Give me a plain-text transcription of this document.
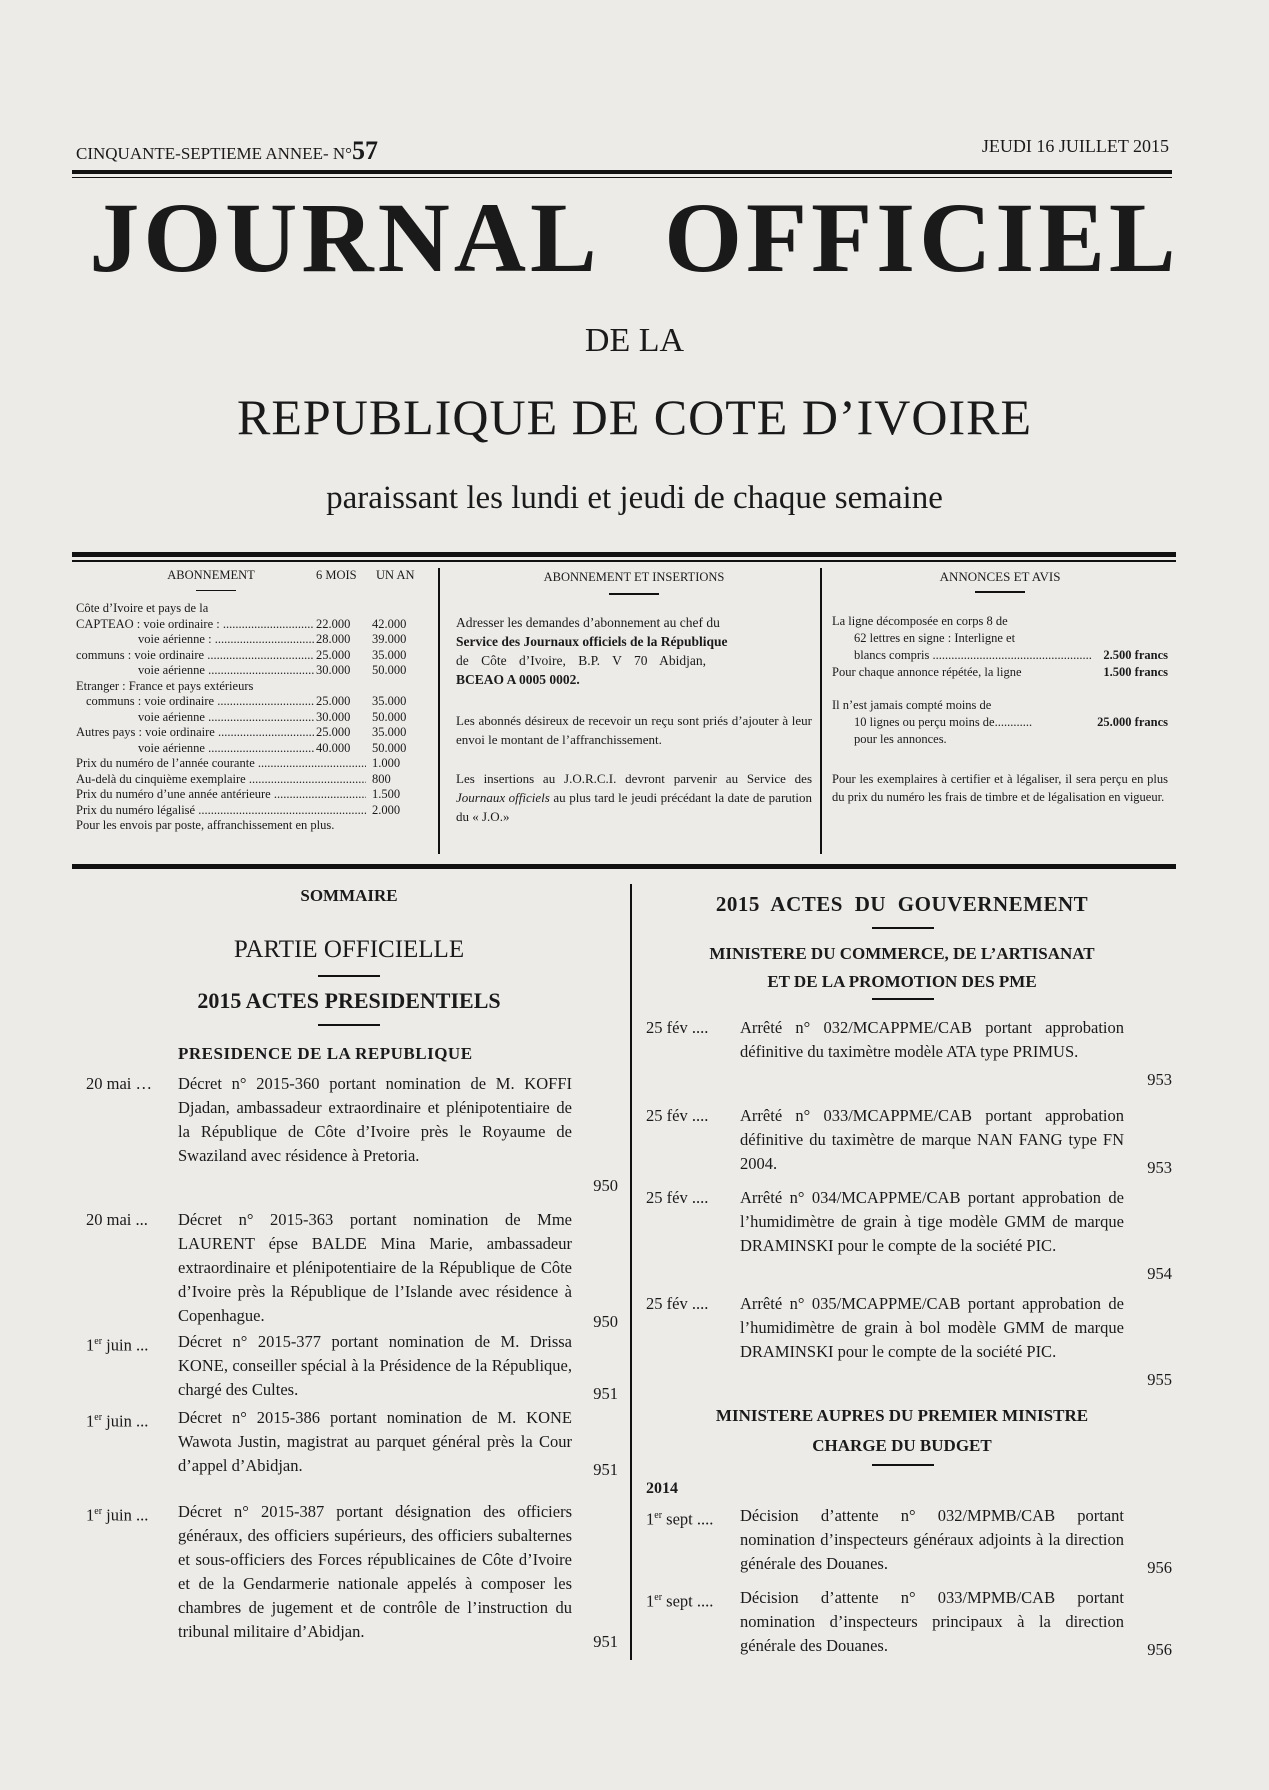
CINQUANTE-SEPTIEME ANNEE- N°57	JEUDI 16 JUILLET 2015
JOURNAL OFFICIEL
DE LA
REPUBLIQUE DE COTE D’IVOIRE
paraissant les lundi et jeudi de chaque semaine
ABONNEMENT	6 MOIS	UN AN
Côte d’Ivoire et pays de la
CAPTEAO : voie ordinaire : .....	22.000	42.000
voie aérienne : .....	28.000	39.000
communs : voie ordinaire .....	25.000	35.000
voie aérienne .....	30.000	50.000
Etranger : France et pays extérieurs
communs : voie ordinaire .....	25.000	35.000
voie aérienne .....	30.000	50.000
Autres pays : voie ordinaire .....	25.000	35.000
voie aérienne .....	40.000	50.000
Prix du numéro de l’année courante .....	1.000
Au-delà du cinquième exemplaire .....	800
Prix du numéro d’une année antérieure .....	1.500
Prix du numéro légalisé .....	2.000
Pour les envois par poste, affranchissement en plus.
ABONNEMENT ET INSERTIONS
Adresser les demandes d’abonnement au chef du
Service des Journaux officiels de la République
de Côte d’Ivoire, B.P. V 70 Abidjan,
BCEAO A 0005 0002.
Les abonnés désireux de recevoir un reçu sont priés d’ajouter à leur envoi le montant de l’affranchissement.
Les insertions au J.O.R.C.I. devront parvenir au Service des Journaux officiels au plus tard le jeudi précédant la date de parution du « J.O.»
ANNONCES ET AVIS
La ligne décomposée en corps 8 de
62 lettres en signe : Interligne et
blancs compris ................................................... 2.500 francs
Pour chaque annonce répétée, la ligne	1.500 francs
Il n’est jamais compté moins de
10 lignes ou perçu moins de............	25.000 francs
pour les annonces.
Pour les exemplaires à certifier et à légaliser, il sera perçu en plus du prix du numéro les frais de timbre et de légalisation en vigueur.
SOMMAIRE
PARTIE OFFICIELLE
2015 ACTES PRESIDENTIELS
PRESIDENCE DE LA REPUBLIQUE
20 mai … Décret n° 2015-360 portant nomination de M. KOFFI Djadan, ambassadeur extraordinaire et plénipotentiaire de la République de Côte d’Ivoire près le Royaume de Swaziland avec résidence à Pretoria.
950
20 mai ... Décret n° 2015-363 portant nomination de Mme LAURENT épse BALDE Mina Marie, ambassadeur extraordinaire et plénipotentiaire de la République de Côte d’Ivoire près la République de l’Islande avec résidence à Copenhague.	950
1er juin ... Décret n° 2015-377 portant nomination de M. Drissa KONE, conseiller spécial à la Présidence de la République, chargé des Cultes.	951
1er juin ... Décret n° 2015-386 portant nomination de M. KONE Wawota Justin, magistrat au parquet général près la Cour d’appel d’Abidjan.	951
1er juin ... Décret n° 2015-387 portant désignation des officiers généraux, des officiers supérieurs, des officiers subalternes et sous-officiers des Forces républicaines de Côte d’Ivoire et de la Gendarmerie nationale appelés à composer les chambres de jugement et de contrôle de l’instruction du tribunal militaire d’Abidjan.
951
2015 ACTES DU GOUVERNEMENT
MINISTERE DU COMMERCE, DE L’ARTISANAT
ET DE LA PROMOTION DES PME
25 fév .... Arrêté n° 032/MCAPPME/CAB portant approbation définitive du taximètre modèle ATA type PRIMUS.
953
25 fév .... Arrêté n° 033/MCAPPME/CAB portant approbation définitive du taximètre de marque NAN FANG type FN 2004.	953
25 fév .... Arrêté n° 034/MCAPPME/CAB portant approbation de l’humidimètre de grain à tige modèle GMM de marque DRAMINSKI pour le compte de la société PIC.
954
25 fév .... Arrêté n° 035/MCAPPME/CAB portant approbation de l’humidimètre de grain à bol modèle GMM de marque DRAMINSKI pour le compte de la société PIC.
955
MINISTERE AUPRES DU PREMIER MINISTRE
CHARGE DU BUDGET
2014
1er sept .... Décision d’attente n° 032/MPMB/CAB portant nomination d’inspecteurs généraux adjoints à la direction générale des Douanes.	956
1er sept .... Décision d’attente n° 033/MPMB/CAB portant nomination d’inspecteurs principaux à la direction générale des Douanes.	956
